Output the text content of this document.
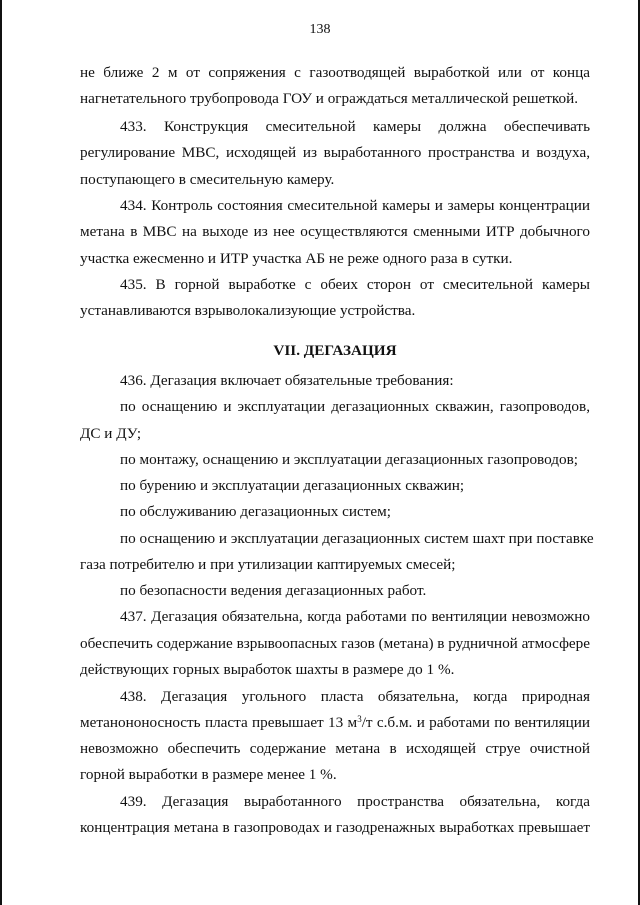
138

не ближе 2 м от сопряжения с газоотводящей выработкой или от конца

нагнетательного трубопровода ГОУ и ограждаться металлической решеткой.

433. Конструкция смесительной камеры должна обеспечивать

регулирование МВС, исходящей из выработанного пространства и воздуха,

поступающего в смесительную камеру.

434. Контроль состояния смесительной камеры и замеры концентрации

метана в МВС на выходе из нее осуществляются сменными ИТР добычного

участка ежесменно и ИТР участка АБ не реже одного раза в сутки.

435. В горной выработке с обеих сторон от смесительной камеры

устанавливаются взрыволокализующие устройства.

VII. ДЕГАЗАЦИЯ

436. Дегазация включает обязательные требования:

по оснащению и эксплуатации дегазационных скважин, газопроводов,

ДС и ДУ;

по монтажу, оснащению и эксплуатации дегазационных газопроводов;

по бурению и эксплуатации дегазационных скважин;

по обслуживанию дегазационных систем;

по оснащению и эксплуатации дегазационных систем шахт при поставке

газа потребителю и при утилизации каптируемых смесей;

по безопасности ведения дегазационных работ.

437. Дегазация обязательна, когда работами по вентиляции невозможно

обеспечить содержание взрывоопасных газов (метана) в рудничной атмосфере

действующих горных выработок шахты в размере до 1 %.

438. Дегазация угольного пласта обязательна, когда природная

метанононосность пласта превышает 13 $м^3/т$ с.б.м. и работами по вентиляции

невозможно обеспечить содержание метана в исходящей струе очистной

горной выработки в размере менее 1 %.

439. Дегазация выработанного пространства обязательна, когда

концентрация метана в газопроводах и газодренажных выработках превышает
